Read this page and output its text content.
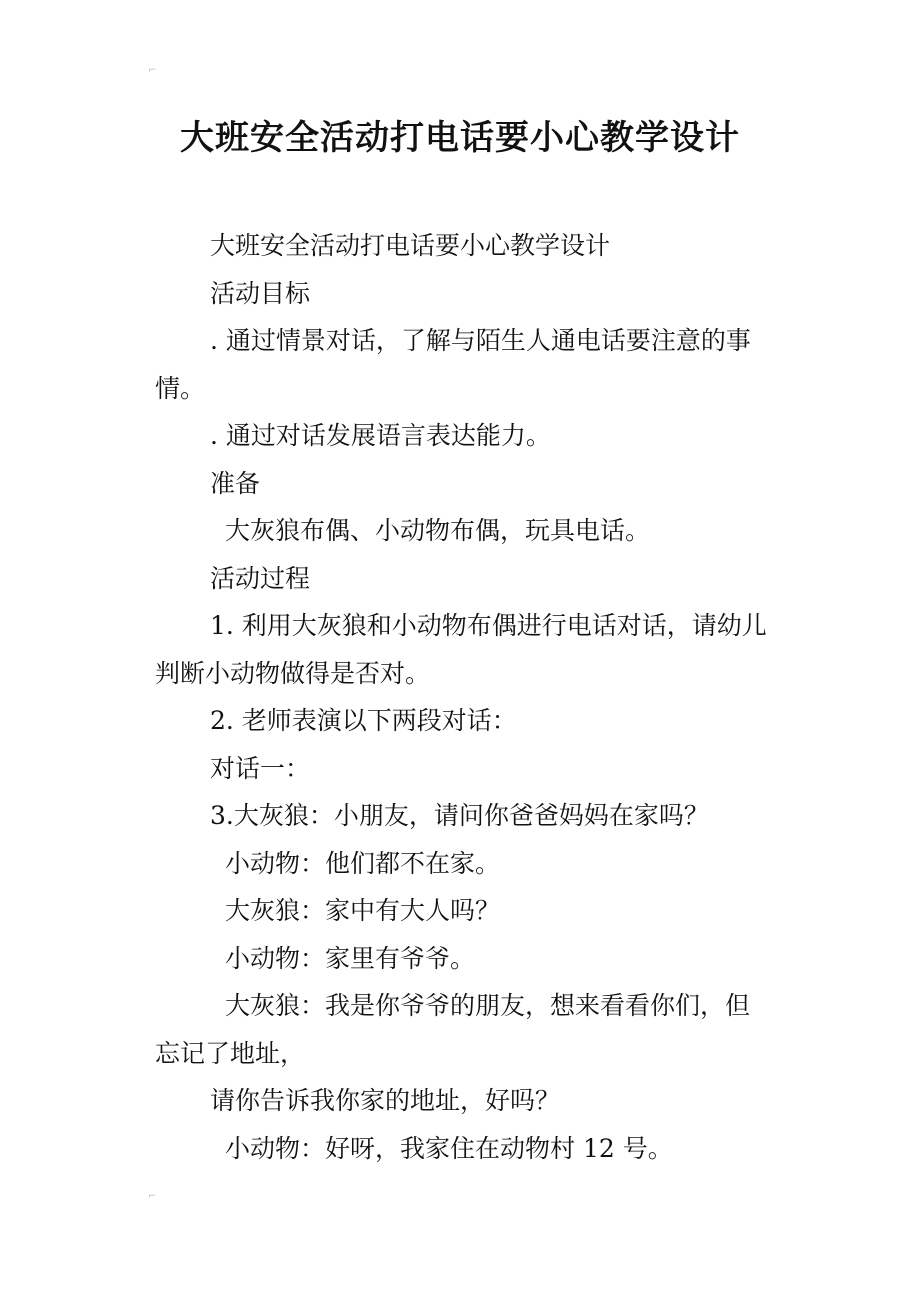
⌐
⌐
大班安全活动打电话要小心教学设计

大班安全活动打电话要小心教学设计

活动目标

. 通过情景对话，了解与陌生人通电话要注意的事情。

. 通过对话发展语言表达能力。

准备

大灰狼布偶、小动物布偶，玩具电话。

活动过程

1. 利用大灰狼和小动物布偶进行电话对话，请幼儿判断小动物做得是否对。

2. 老师表演以下两段对话：

对话一：

3.大灰狼：小朋友，请问你爸爸妈妈在家吗？

小动物：他们都不在家。

大灰狼：家中有大人吗？

小动物：家里有爷爷。

大灰狼：我是你爷爷的朋友，想来看看你们，但忘记了地址，

请你告诉我你家的地址，好吗？

小动物：好呀，我家住在动物村 12 号。
